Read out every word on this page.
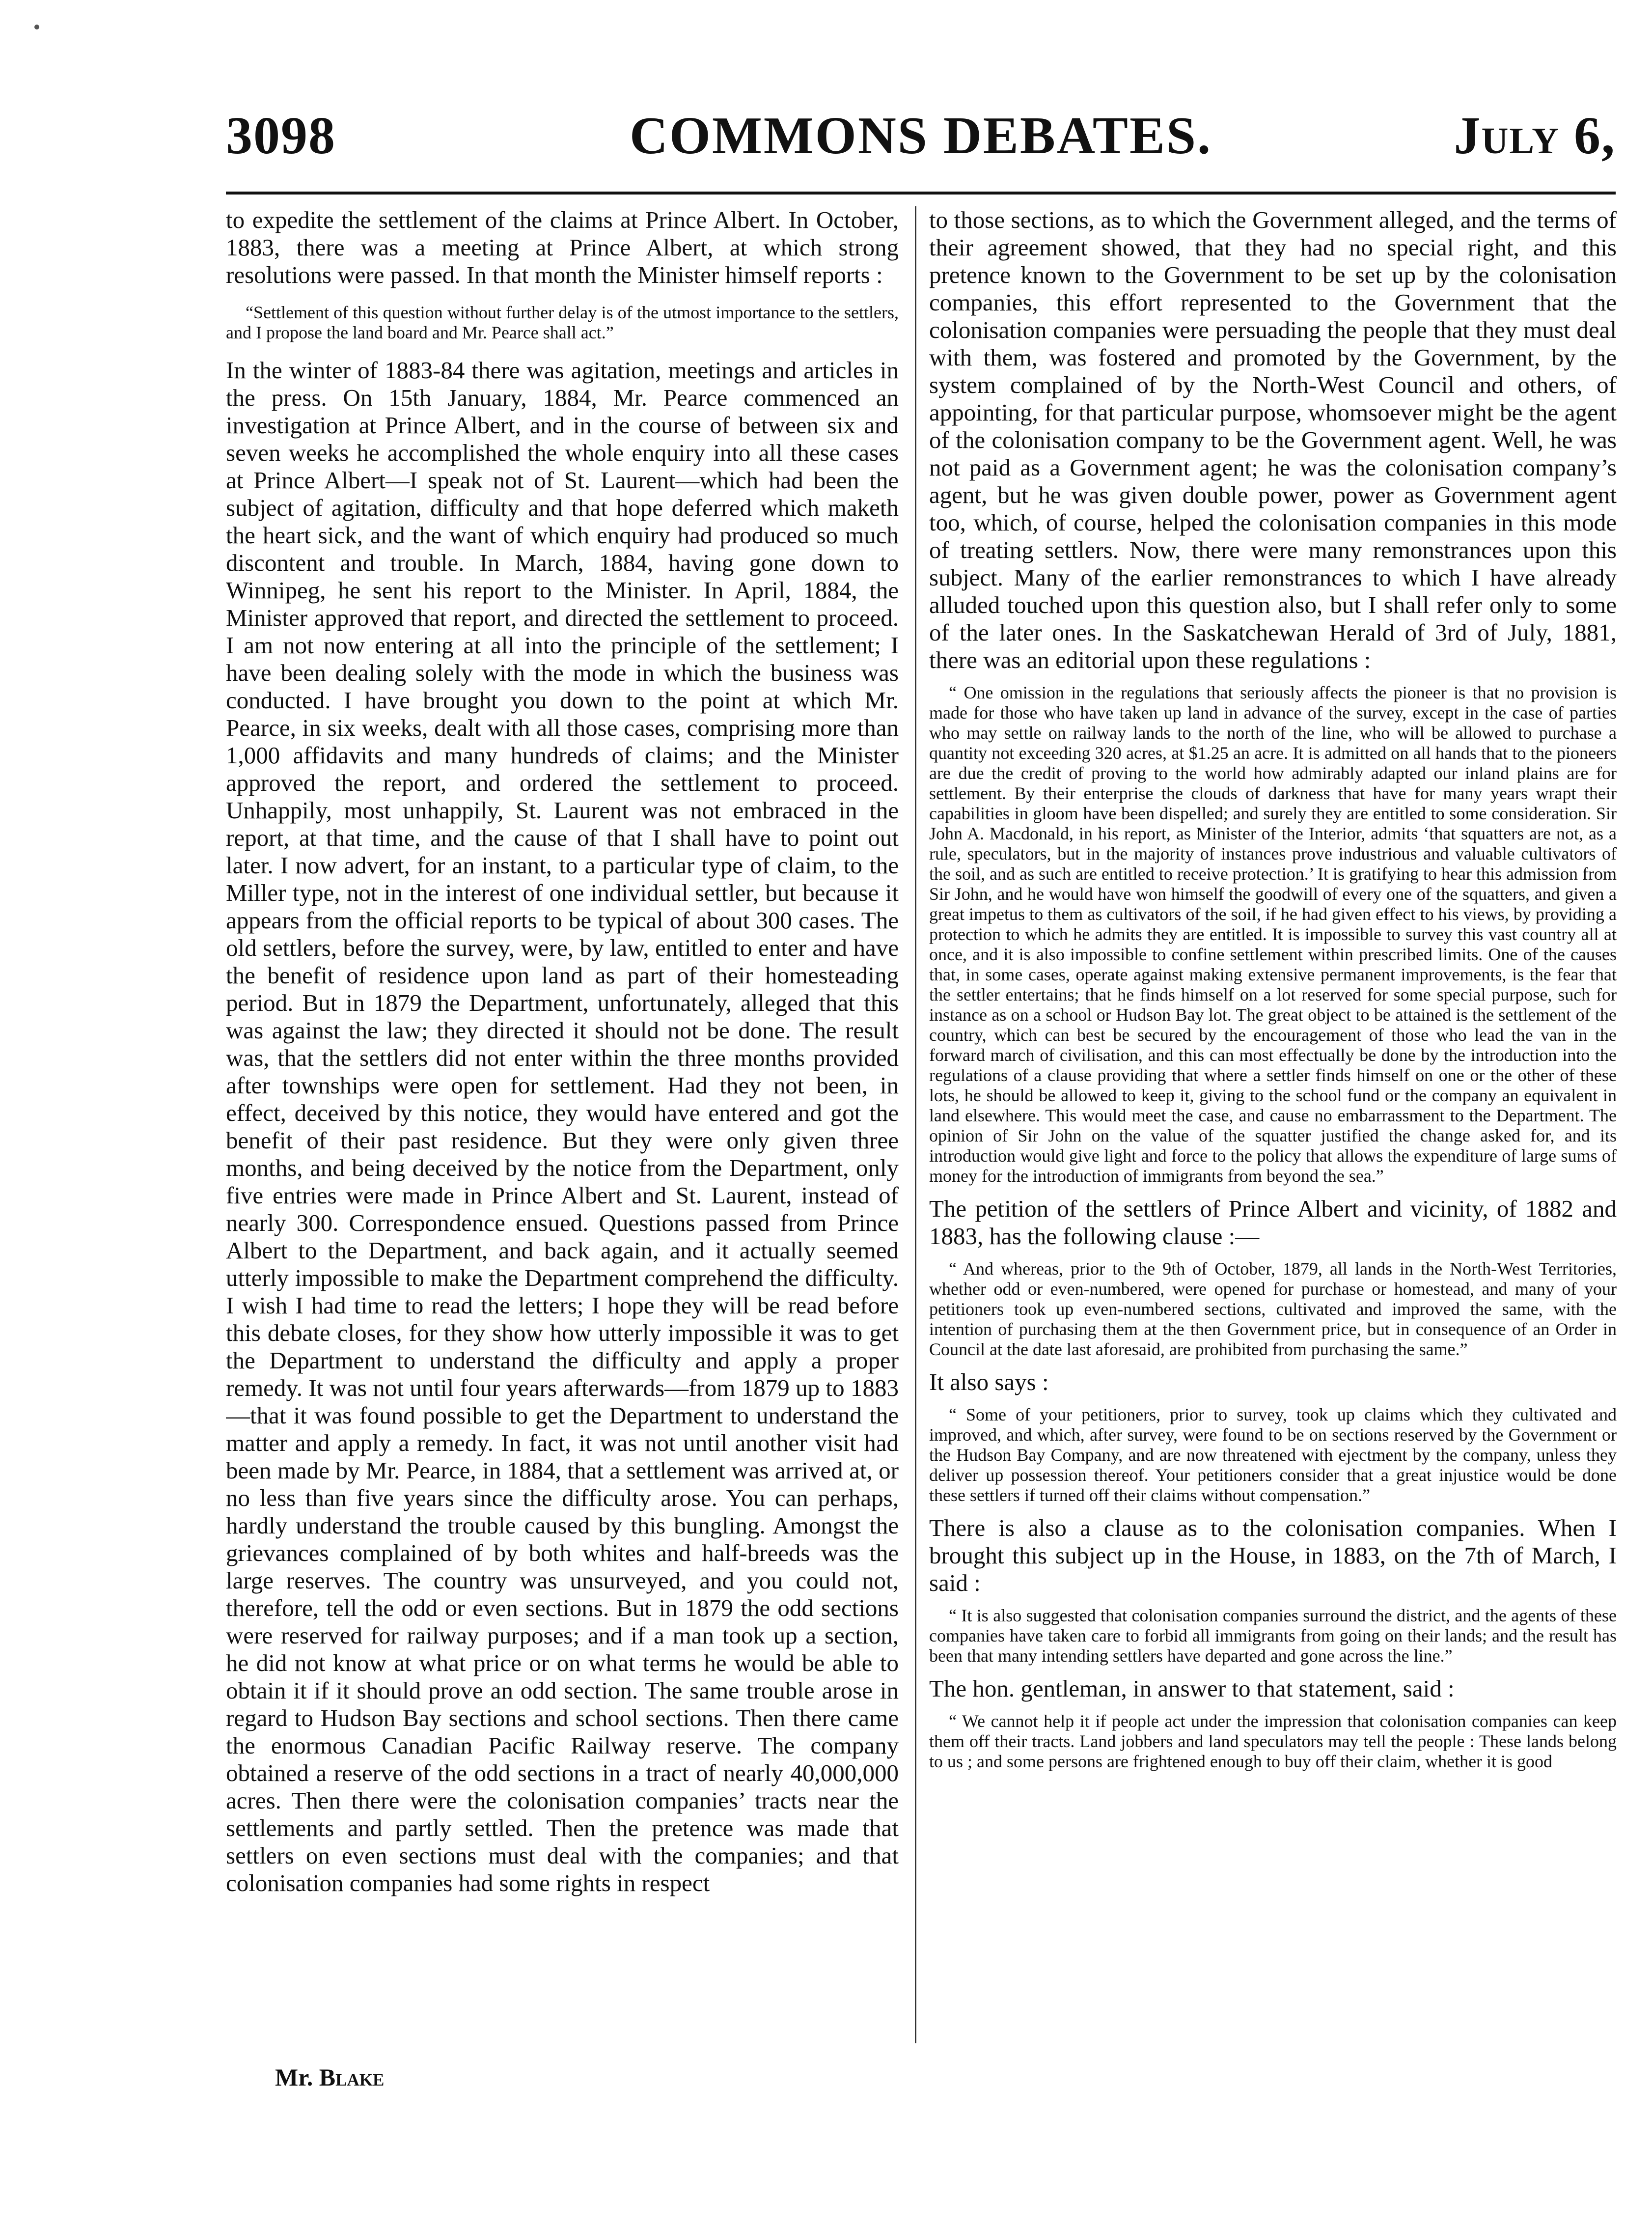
3098	COMMONS DEBATES.	July 6,

to expedite the settlement of the claims at Prince Albert. In October, 1883, there was a meeting at Prince Albert, at which strong resolutions were passed. In that month the Minister himself reports :

“Settlement of this question without further delay is of the utmost importance to the settlers, and I propose the land board and Mr. Pearce shall act.”

In the winter of 1883-84 there was agitation, meetings and articles in the press. On 15th January, 1884, Mr. Pearce commenced an investigation at Prince Albert, and in the course of between six and seven weeks he accomplished the whole enquiry into all these cases at Prince Albert—I speak not of St. Laurent—which had been the subject of agitation, difficulty and that hope deferred which maketh the heart sick, and the want of which enquiry had produced so much discontent and trouble. In March, 1884, having gone down to Winnipeg, he sent his report to the Minister. In April, 1884, the Minister approved that report, and directed the settlement to proceed. I am not now entering at all into the principle of the settlement; I have been dealing solely with the mode in which the business was conducted. I have brought you down to the point at which Mr. Pearce, in six weeks, dealt with all those cases, comprising more than 1,000 affidavits and many hundreds of claims; and the Minister approved the report, and ordered the settlement to proceed. Unhappily, most unhappily, St. Laurent was not embraced in the report, at that time, and the cause of that I shall have to point out later. I now advert, for an instant, to a particular type of claim, to the Miller type, not in the interest of one individual settler, but because it appears from the official reports to be typical of about 300 cases. The old settlers, before the survey, were, by law, entitled to enter and have the benefit of residence upon land as part of their homesteading period. But in 1879 the Department, unfortunately, alleged that this was against the law; they directed it should not be done. The result was, that the settlers did not enter within the three months provided after townships were open for settlement. Had they not been, in effect, deceived by this notice, they would have entered and got the benefit of their past residence. But they were only given three months, and being deceived by the notice from the Department, only five entries were made in Prince Albert and St. Laurent, instead of nearly 300. Correspondence ensued. Questions passed from Prince Albert to the Department, and back again, and it actually seemed utterly impossible to make the Department comprehend the difficulty. I wish I had time to read the letters; I hope they will be read before this debate closes, for they show how utterly impossible it was to get the Department to understand the difficulty and apply a proper remedy. It was not until four years afterwards—from 1879 up to 1883—that it was found possible to get the Department to understand the matter and apply a remedy. In fact, it was not until another visit had been made by Mr. Pearce, in 1884, that a settlement was arrived at, or no less than five years since the difficulty arose. You can perhaps, hardly understand the trouble caused by this bungling. Amongst the grievances complained of by both whites and half-breeds was the large reserves. The country was unsurveyed, and you could not, therefore, tell the odd or even sections. But in 1879 the odd sections were reserved for railway purposes; and if a man took up a section, he did not know at what price or on what terms he would be able to obtain it if it should prove an odd section. The same trouble arose in regard to Hudson Bay sections and school sections. Then there came the enormous Canadian Pacific Railway reserve. The company obtained a reserve of the odd sections in a tract of nearly 40,000,000 acres. Then there were the colonisation companies’ tracts near the settlements and partly settled. Then the pretence was made that settlers on even sections must deal with the companies; and that colonisation companies had some rights in respect

to those sections, as to which the Government alleged, and the terms of their agreement showed, that they had no special right, and this pretence known to the Government to be set up by the colonisation companies, this effort represented to the Government that the colonisation companies were persuading the people that they must deal with them, was fostered and promoted by the Government, by the system complained of by the North-West Council and others, of appointing, for that particular purpose, whomsoever might be the agent of the colonisation company to be the Government agent. Well, he was not paid as a Government agent; he was the colonisation company’s agent, but he was given double power, power as Government agent too, which, of course, helped the colonisation companies in this mode of treating settlers. Now, there were many remonstrances upon this subject. Many of the earlier remonstrances to which I have already alluded touched upon this question also, but I shall refer only to some of the later ones. In the Saskatchewan Herald of 3rd of July, 1881, there was an editorial upon these regulations :

“ One omission in the regulations that seriously affects the pioneer is that no provision is made for those who have taken up land in advance of the survey, except in the case of parties who may settle on railway lands to the north of the line, who will be allowed to purchase a quantity not exceeding 320 acres, at $1.25 an acre. It is admitted on all hands that to the pioneers are due the credit of proving to the world how admirably adapted our inland plains are for settlement. By their enterprise the clouds of darkness that have for many years wrapt their capabilities in gloom have been dispelled; and surely they are entitled to some consideration. Sir John A. Macdonald, in his report, as Minister of the Interior, admits ‘that squatters are not, as a rule, speculators, but in the majority of instances prove industrious and valuable cultivators of the soil, and as such are entitled to receive protection.’ It is gratifying to hear this admission from Sir John, and he would have won himself the goodwill of every one of the squatters, and given a great impetus to them as cultivators of the soil, if he had given effect to his views, by providing a protection to which he admits they are entitled. It is impossible to survey this vast country all at once, and it is also impossible to confine settlement within prescribed limits. One of the causes that, in some cases, operate against making extensive permanent improvements, is the fear that the settler entertains; that he finds himself on a lot reserved for some special purpose, such for instance as on a school or Hudson Bay lot. The great object to be attained is the settlement of the country, which can best be secured by the encouragement of those who lead the van in the forward march of civilisation, and this can most effectually be done by the introduction into the regulations of a clause providing that where a settler finds himself on one or the other of these lots, he should be allowed to keep it, giving to the school fund or the company an equivalent in land elsewhere. This would meet the case, and cause no embarrassment to the Department. The opinion of Sir John on the value of the squatter justified the change asked for, and its introduction would give light and force to the policy that allows the expenditure of large sums of money for the introduction of immigrants from beyond the sea.”

The petition of the settlers of Prince Albert and vicinity, of 1882 and 1883, has the following clause :—

“ And whereas, prior to the 9th of October, 1879, all lands in the North-West Territories, whether odd or even-numbered, were opened for purchase or homestead, and many of your petitioners took up even-numbered sections, cultivated and improved the same, with the intention of purchasing them at the then Government price, but in consequence of an Order in Council at the date last aforesaid, are prohibited from purchasing the same.”

It also says :

“ Some of your petitioners, prior to survey, took up claims which they cultivated and improved, and which, after survey, were found to be on sections reserved by the Government or the Hudson Bay Company, and are now threatened with ejectment by the company, unless they deliver up possession thereof. Your petitioners consider that a great injustice would be done these settlers if turned off their claims without compensation.”

There is also a clause as to the colonisation companies. When I brought this subject up in the House, in 1883, on the 7th of March, I said :

“ It is also suggested that colonisation companies surround the district, and the agents of these companies have taken care to forbid all immigrants from going on their lands; and the result has been that many intending settlers have departed and gone across the line.”

The hon. gentleman, in answer to that statement, said :

“ We cannot help it if people act under the impression that colonisation companies can keep them off their tracts. Land jobbers and land speculators may tell the people : These lands belong to us ; and some persons are frightened enough to buy off their claim, whether it is good

Mr. Blake
